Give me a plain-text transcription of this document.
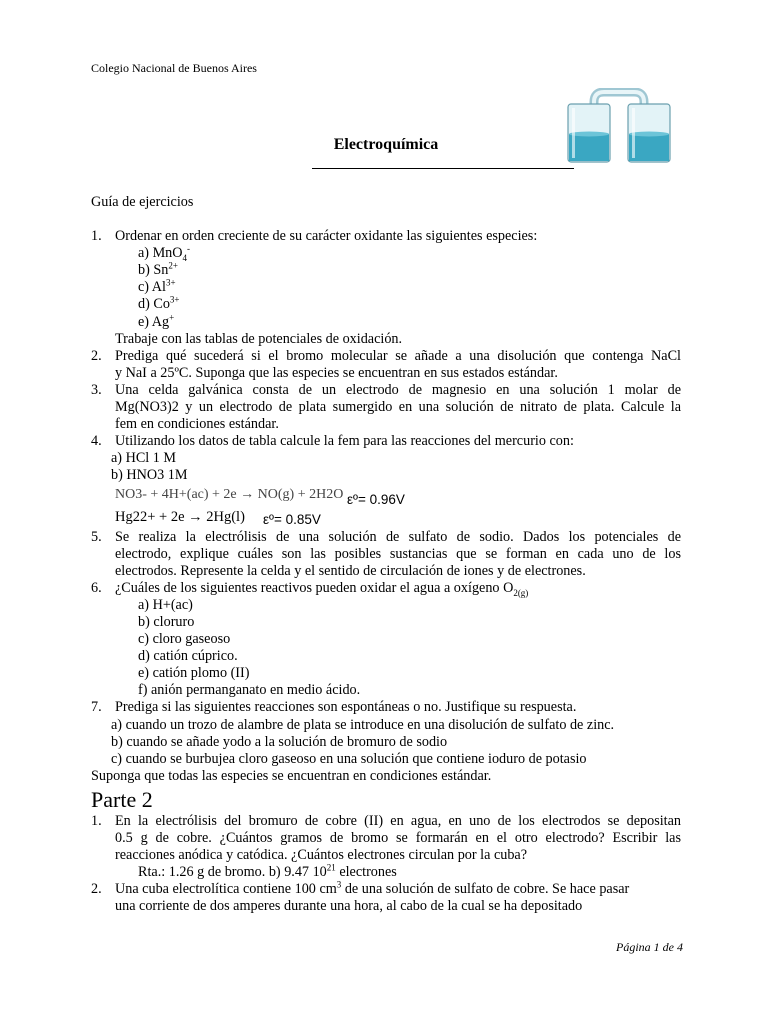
Colegio Nacional de Buenos Aires
Electroquímica
Guía de ejercicios
1. Ordenar en orden creciente de su carácter oxidante las siguientes especies:
a) MnO$_4$-
b) $Sn^{2+}$
c) $Al^{3+}$
d) $Co^{3+}$
e) Ag+
Trabaje con las tablas de potenciales de oxidación.
2. Prediga qué sucederá si el bromo molecular se añade a una disolución que contenga NaCl
y NaI a 25ºC. Suponga que las especies se encuentran en sus estados estándar.
3. Una celda galvánica consta de un electrodo de magnesio en una solución 1 molar de
Mg(NO3)2 y un electrodo de plata sumergido en una solución de nitrato de plata. Calcule la
fem en condiciones estándar.
4. Utilizando los datos de tabla calcule la fem para las reacciones del mercurio con:
a) HCl 1 M
b) HNO3 1M
NO3- + 4H+(ac) + 2e → NO(g) + 2H2O εº= 0.96V
Hg22+ + 2e → 2Hg(l) εº= 0.85V
5. Se realiza la electrólisis de una solución de sulfato de sodio. Dados los potenciales de
electrodo, explique cuáles son las posibles sustancias que se forman en cada uno de los
electrodos. Represente la celda y el sentido de circulación de iones y de electrones.
6. ¿Cuáles de los siguientes reactivos pueden oxidar el agua a oxígeno $O_{2(g)}$
a) H+(ac)
b) cloruro
c) cloro gaseoso
d) catión cúprico.
e) catión plomo (II)
f) anión permanganato en medio ácido.
7. Prediga si las siguientes reacciones son espontáneas o no. Justifique su respuesta.
a) cuando un trozo de alambre de plata se introduce en una disolución de sulfato de zinc.
b) cuando se añade yodo a la solución de bromuro de sodio
c) cuando se burbujea cloro gaseoso en una solución que contiene ioduro de potasio
Suponga que todas las especies se encuentran en condiciones estándar.
Parte 2
1. En la electrólisis del bromuro de cobre (II) en agua, en uno de los electrodos se depositan
0.5 g de cobre. ¿Cuántos gramos de bromo se formarán en el otro electrodo? Escribir las
reacciones anódica y catódica. ¿Cuántos electrones circulan por la cuba?
Rta.: 1.26 g de bromo. b) 9.47 $10^{21}$ electrones
2. Una cuba electrolítica contiene 100 $cm^3$ de una solución de sulfato de cobre. Se hace pasar
una corriente de dos amperes durante una hora, al cabo de la cual se ha depositado
Página 1 de 4
